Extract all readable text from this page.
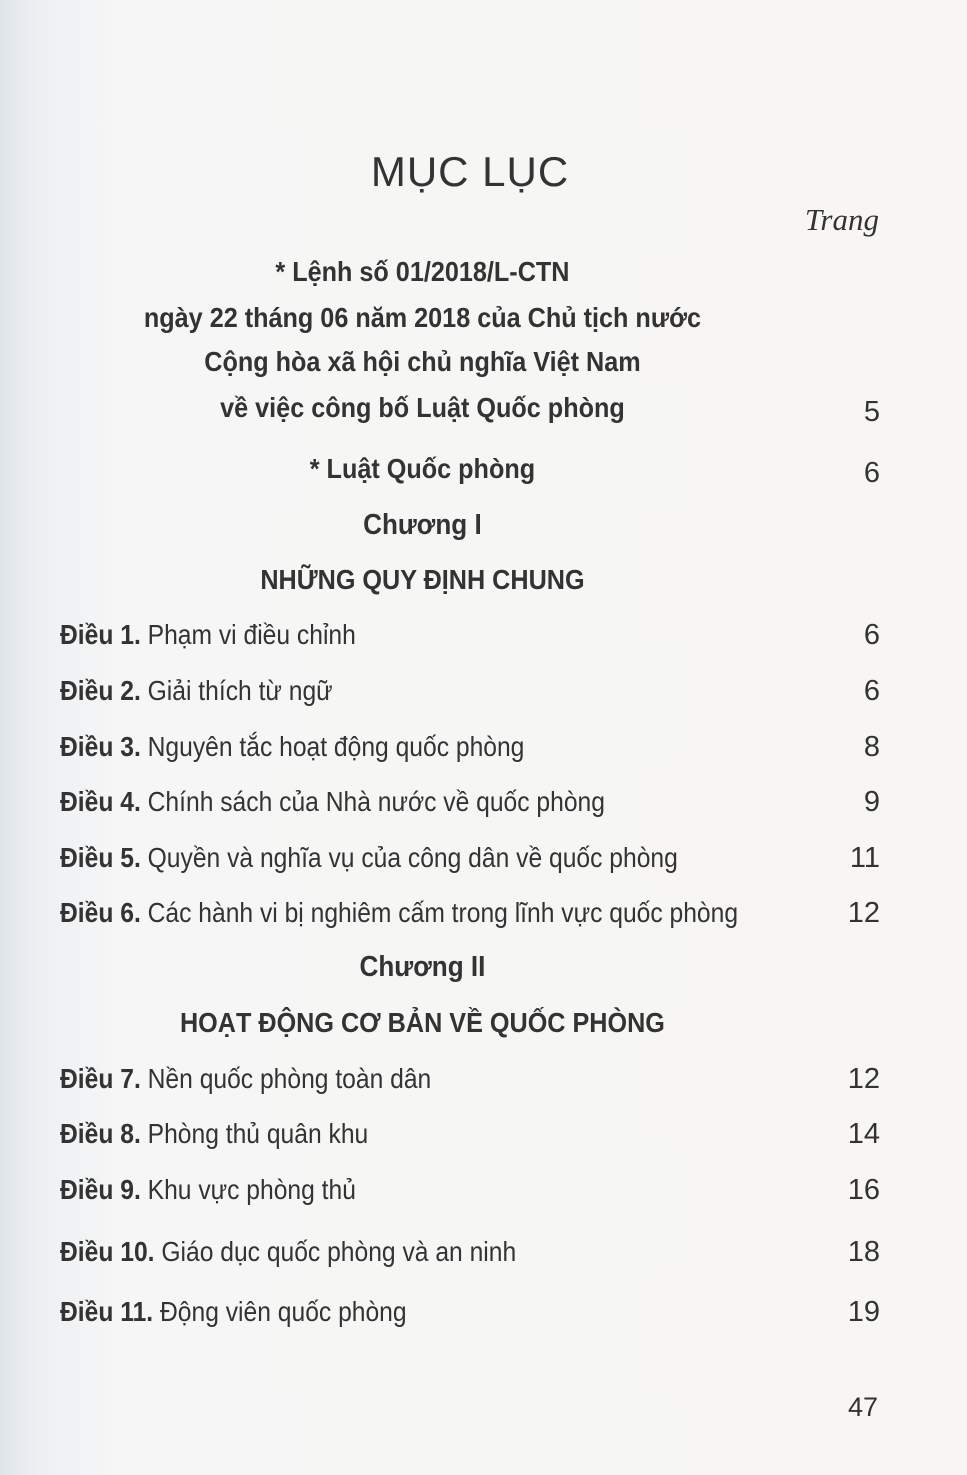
MỤC LỤC
Trang
* Lệnh số 01/2018/L-CTN
ngày 22 tháng 06 năm 2018 của Chủ tịch nước
Cộng hòa xã hội chủ nghĩa Việt Nam
về việc công bố Luật Quốc phòng	5
* Luật Quốc phòng	6
Chương I
NHỮNG QUY ĐỊNH CHUNG
Điều 1. Phạm vi điều chỉnh	6
Điều 2. Giải thích từ ngữ	6
Điều 3. Nguyên tắc hoạt động quốc phòng	8
Điều 4. Chính sách của Nhà nước về quốc phòng	9
Điều 5. Quyền và nghĩa vụ của công dân về quốc phòng	11
Điều 6. Các hành vi bị nghiêm cấm trong lĩnh vực quốc phòng	12
Chương II
HOẠT ĐỘNG CƠ BẢN VỀ QUỐC PHÒNG
Điều 7. Nền quốc phòng toàn dân	12
Điều 8. Phòng thủ quân khu	14
Điều 9. Khu vực phòng thủ	16
Điều 10. Giáo dục quốc phòng và an ninh	18
Điều 11. Động viên quốc phòng	19
47
